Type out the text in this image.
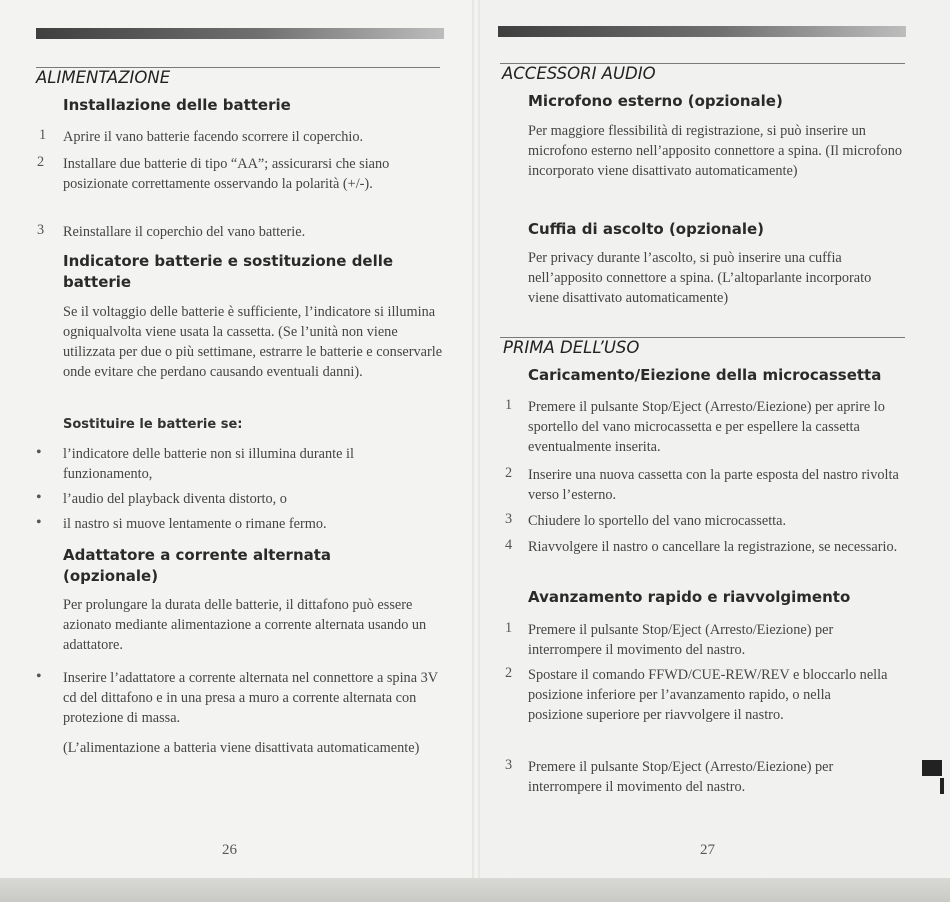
ALIMENTAZIONE
Installazione delle batterie
1 Aprire il vano batterie facendo scorrere il coperchio.
2 Installare due batterie di tipo “AA”; assicurarsi che siano posizionate correttamente osservando la polarità (+/-).
3 Reinstallare il coperchio del vano batterie.
Indicatore batterie e sostituzione delle batterie
Se il voltaggio delle batterie è sufficiente, l’indicatore si illumina ogniqualvolta viene usata la cassetta. (Se l’unità non viene utilizzata per due o più settimane, estrarre le batterie e conservarle onde evitare che perdano causando eventuali danni).
Sostituire le batterie se:
• l’indicatore delle batterie non si illumina durante il funzionamento,
• l’audio del playback diventa distorto, o
• il nastro si muove lentamente o rimane fermo.
Adattatore a corrente alternata (opzionale)
Per prolungare la durata delle batterie, il dittafono può essere azionato mediante alimentazione a corrente alternata usando un adattatore.
• Inserire l’adattatore a corrente alternata nel connettore a spina 3V cd del dittafono e in una presa a muro a corrente alternata con protezione di massa.
(L’alimentazione a batteria viene disattivata automaticamente)
26
ACCESSORI AUDIO
Microfono esterno (opzionale)
Per maggiore flessibilità di registrazione, si può inserire un microfono esterno nell’apposito connettore a spina. (Il microfono incorporato viene disattivato automaticamente)
Cuffia di ascolto (opzionale)
Per privacy durante l’ascolto, si può inserire una cuffia nell’apposito connettore a spina. (L’altoparlante incorporato viene disattivato automaticamente)
PRIMA DELL’USO
Caricamento/Eiezione della microcassetta
1 Premere il pulsante Stop/Eject (Arresto/Eiezione) per aprire lo sportello del vano microcassetta e per espellere la cassetta eventualmente inserita.
2 Inserire una nuova cassetta con la parte esposta del nastro rivolta verso l’esterno.
3 Chiudere lo sportello del vano microcassetta.
4 Riavvolgere il nastro o cancellare la registrazione, se necessario.
Avanzamento rapido e riavvolgimento
1 Premere il pulsante Stop/Eject (Arresto/Eiezione) per interrompere il movimento del nastro.
2 Spostare il comando FFWD/CUE-REW/REV e bloccarlo nella posizione inferiore per l’avanzamento rapido, o nella posizione superiore per riavvolgere il nastro.
3 Premere il pulsante Stop/Eject (Arresto/Eiezione) per interrompere il movimento del nastro.
27
